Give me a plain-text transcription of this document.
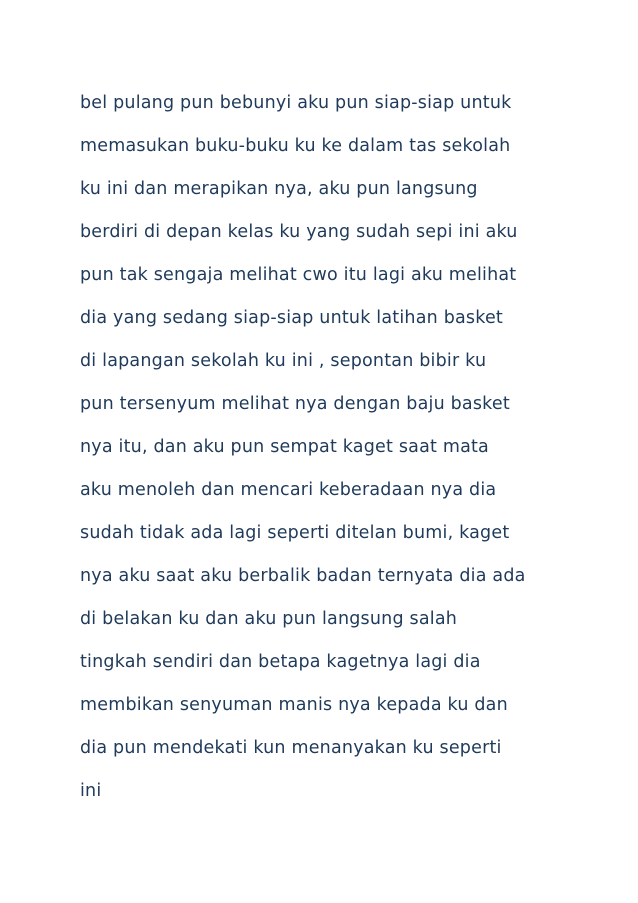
bel pulang pun bebunyi aku pun siap-siap untuk
memasukan buku-buku ku ke dalam tas sekolah
ku ini dan merapikan nya, aku pun langsung
berdiri di depan kelas ku yang sudah sepi ini aku
pun tak sengaja melihat cwo itu lagi aku melihat
dia yang sedang siap-siap untuk latihan basket
di lapangan sekolah ku ini , sepontan bibir ku
pun tersenyum melihat nya dengan baju basket
nya itu, dan aku pun sempat kaget saat mata
aku menoleh dan mencari keberadaan nya dia
sudah tidak ada lagi seperti ditelan bumi, kaget
nya aku saat aku berbalik badan ternyata dia ada
di belakan ku dan aku pun langsung salah
tingkah sendiri dan betapa kagetnya lagi dia
membikan senyuman manis nya kepada ku dan
dia pun mendekati kun menanyakan ku seperti
ini
